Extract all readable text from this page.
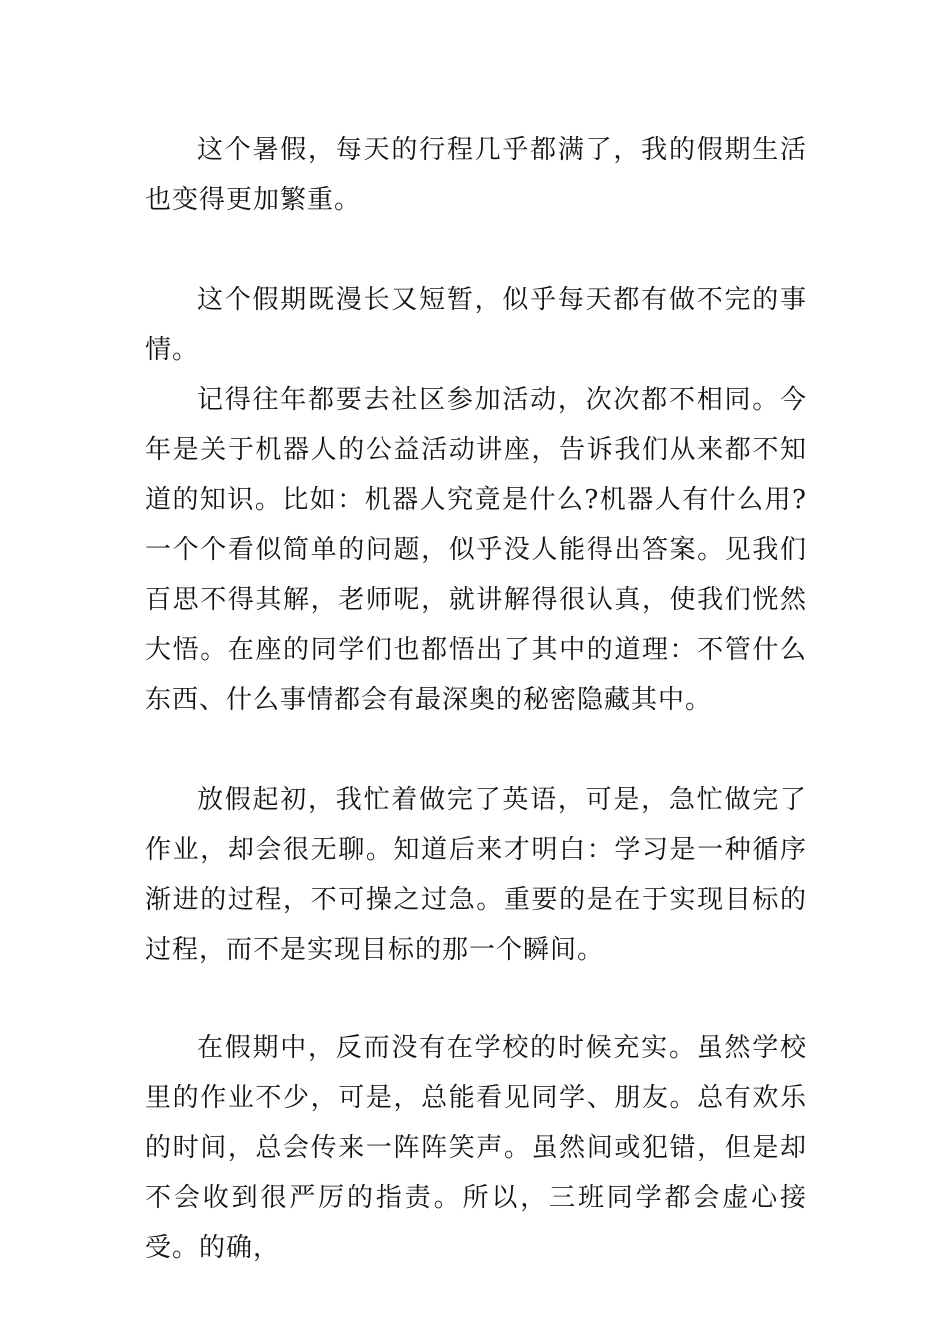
这个暑假，每天的行程几乎都满了，我的假期生活也变得更加繁重。

这个假期既漫长又短暂，似乎每天都有做不完的事情。

记得往年都要去社区参加活动，次次都不相同。今年是关于机器人的公益活动讲座，告诉我们从来都不知道的知识。比如：机器人究竟是什么?机器人有什么用?一个个看似简单的问题，似乎没人能得出答案。见我们百思不得其解，老师呢，就讲解得很认真，使我们恍然大悟。在座的同学们也都悟出了其中的道理：不管什么东西、什么事情都会有最深奥的秘密隐藏其中。

放假起初，我忙着做完了英语，可是，急忙做完了作业，却会很无聊。知道后来才明白：学习是一种循序渐进的过程，不可操之过急。重要的是在于实现目标的过程，而不是实现目标的那一个瞬间。

在假期中，反而没有在学校的时候充实。虽然学校里的作业不少，可是，总能看见同学、朋友。总有欢乐的时间，总会传来一阵阵笑声。虽然间或犯错，但是却不会收到很严厉的指责。所以，三班同学都会虚心接受。的确，
